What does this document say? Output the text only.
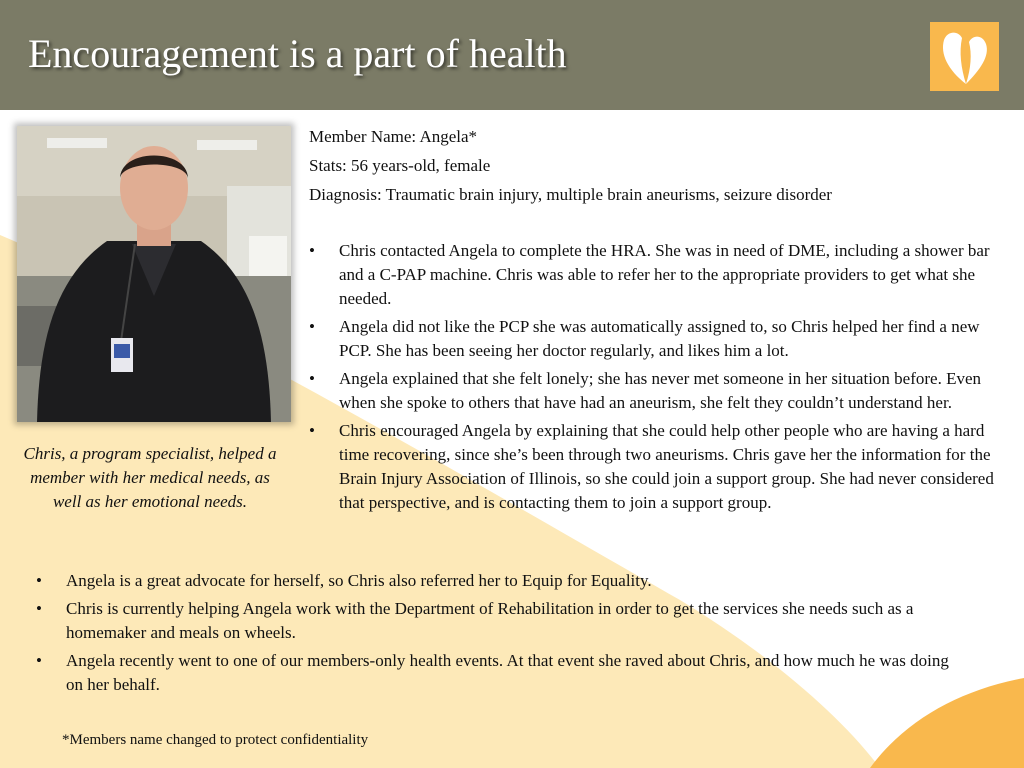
Encouragement is a part of health
Chris, a program specialist, helped a member with her medical needs, as well as her emotional needs.
Member Name: Angela*
Stats: 56 years-old, female
Diagnosis: Traumatic brain injury, multiple brain aneurisms, seizure disorder
• Chris contacted Angela to complete the HRA. She was in need of DME, including a shower bar and a C-PAP machine. Chris was able to refer her to the appropriate providers to get what she needed.
• Angela did not like the PCP she was automatically assigned to, so Chris helped her find a new PCP. She has been seeing her doctor regularly, and likes him a lot.
• Angela explained that she felt lonely; she has never met someone in her situation before. Even when she spoke to others that have had an aneurism, she felt they couldn’t understand her.
• Chris encouraged Angela by explaining that she could help other people who are having a hard time recovering, since she’s been through two aneurisms. Chris gave her the information for the Brain Injury Association of Illinois, so she could join a support group. She had never considered that perspective, and is contacting them to join a support group.
• Angela is a great advocate for herself, so Chris also referred her to Equip for Equality.
• Chris is currently helping Angela work with the Department of Rehabilitation in order to get the services she needs such as a homemaker and meals on wheels.
• Angela recently went to one of our members-only health events. At that event she raved about Chris, and how much he was doing on her behalf.
*Members name changed to protect confidentiality
